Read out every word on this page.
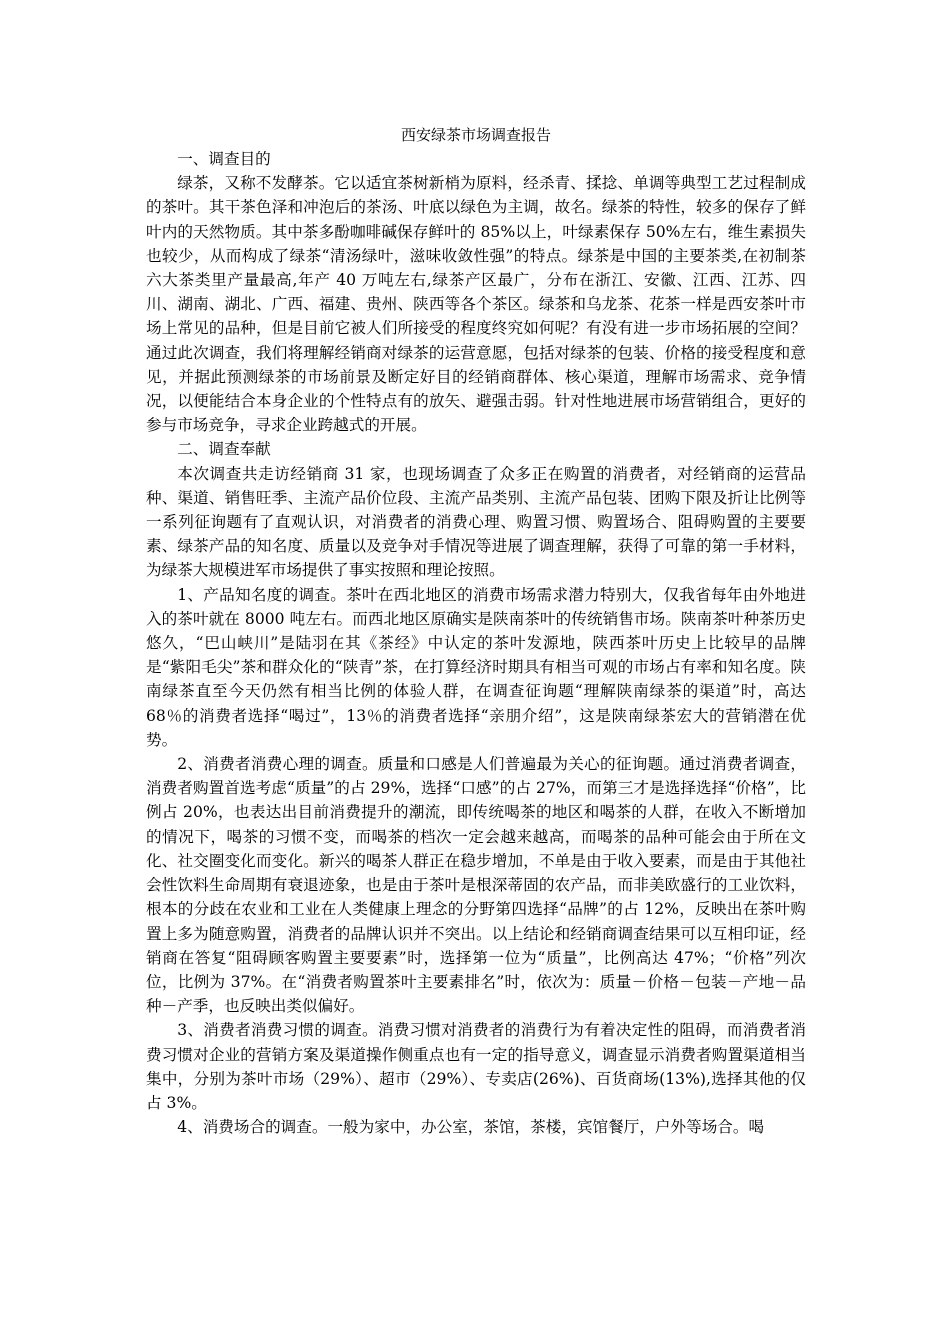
西安绿茶市场调查报告

一、调查目的

绿茶，又称不发酵茶。它以适宜茶树新梢为原料，经杀青、揉捻、单调等典型工艺过程制成的茶叶。其干茶色泽和冲泡后的茶汤、叶底以绿色为主调，故名。绿茶的特性，较多的保存了鲜叶内的天然物质。其中茶多酚咖啡碱保存鲜叶的 85%以上，叶绿素保存 50%左右，维生素损失也较少，从而构成了绿茶“清汤绿叶，滋味收敛性强”的特点。绿茶是中国的主要茶类,在初制茶六大茶类里产量最高,年产 40 万吨左右,绿茶产区最广，分布在浙江、安徽、江西、江苏、四川、湖南、湖北、广西、福建、贵州、陕西等各个茶区。绿茶和乌龙茶、花茶一样是西安茶叶市场上常见的品种，但是目前它被人们所接受的程度终究如何呢？有没有进一步市场拓展的空间？通过此次调查，我们将理解经销商对绿茶的运营意愿，包括对绿茶的包装、价格的接受程度和意见，并据此预测绿茶的市场前景及断定好目的经销商群体、核心渠道，理解市场需求、竞争情况，以便能结合本身企业的个性特点有的放矢、避强击弱。针对性地进展市场营销组合，更好的参与市场竞争，寻求企业跨越式的开展。

二、调查奉献

本次调查共走访经销商 31 家，也现场调查了众多正在购置的消费者，对经销商的运营品种、渠道、销售旺季、主流产品价位段、主流产品类别、主流产品包装、团购下限及折让比例等一系列征询题有了直观认识，对消费者的消费心理、购置习惯、购置场合、阻碍购置的主要要素、绿茶产品的知名度、质量以及竞争对手情况等进展了调查理解，获得了可靠的第一手材料，为绿茶大规模进军市场提供了事实按照和理论按照。

1、产品知名度的调查。茶叶在西北地区的消费市场需求潜力特别大，仅我省每年由外地进入的茶叶就在 8000 吨左右。而西北地区原确实是陕南茶叶的传统销售市场。陕南茶叶种茶历史悠久，“巴山峡川”是陆羽在其《茶经》中认定的茶叶发源地，陕西茶叶历史上比较早的品牌是“紫阳毛尖”茶和群众化的“陕青”茶，在打算经济时期具有相当可观的市场占有率和知名度。陕南绿茶直至今天仍然有相当比例的体验人群，在调查征询题“理解陕南绿茶的渠道”时，高达 68％的消费者选择“喝过”，13％的消费者选择“亲朋介绍”，这是陕南绿茶宏大的营销潜在优势。

2、消费者消费心理的调查。质量和口感是人们普遍最为关心的征询题。通过消费者调查，消费者购置首选考虑“质量”的占 29%，选择“口感”的占 27%，而第三才是选择选择“价格”，比例占 20%，也表达出目前消费提升的潮流，即传统喝茶的地区和喝茶的人群，在收入不断增加的情况下，喝茶的习惯不变，而喝茶的档次一定会越来越高，而喝茶的品种可能会由于所在文化、社交圈变化而变化。新兴的喝茶人群正在稳步增加，不单是由于收入要素，而是由于其他社会性饮料生命周期有衰退迹象，也是由于茶叶是根深蒂固的农产品，而非美欧盛行的工业饮料，根本的分歧在农业和工业在人类健康上理念的分野第四选择“品牌”的占 12%，反映出在茶叶购置上多为随意购置，消费者的品牌认识并不突出。以上结论和经销商调查结果可以互相印证，经销商在答复“阻碍顾客购置主要要素”时，选择第一位为“质量”，比例高达 47%；“价格”列次位，比例为 37%。在“消费者购置茶叶主要素排名”时，依次为：质量－价格－包装－产地－品种－产季，也反映出类似偏好。

3、消费者消费习惯的调查。消费习惯对消费者的消费行为有着决定性的阻碍，而消费者消费习惯对企业的营销方案及渠道操作侧重点也有一定的指导意义，调查显示消费者购置渠道相当集中，分别为茶叶市场（29%）、超市（29%）、专卖店(26%)、百货商场(13%),选择其他的仅占 3%。

4、消费场合的调查。一般为家中，办公室，茶馆，茶楼，宾馆餐厅，户外等场合。喝
